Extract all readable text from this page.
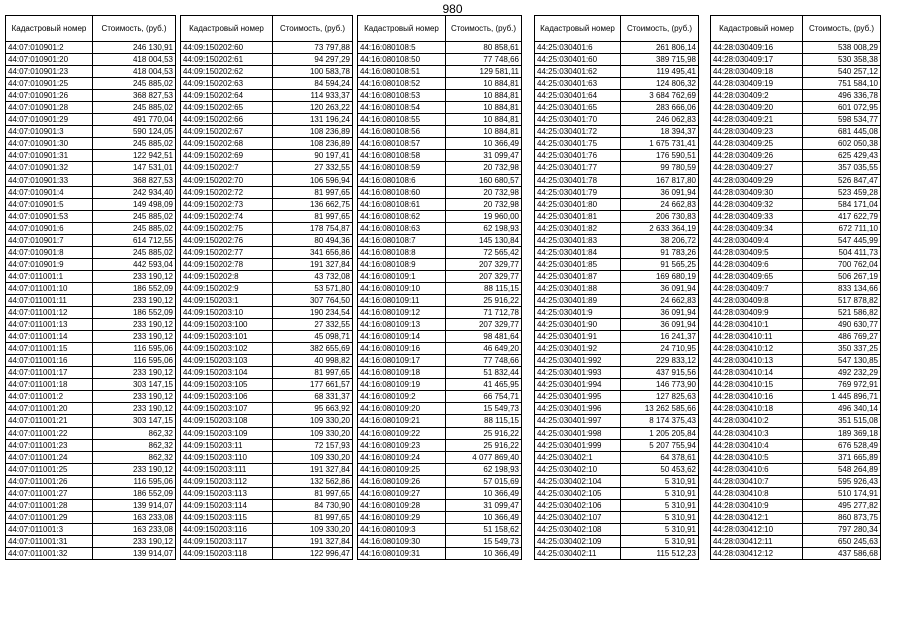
980
Кадастровый номер	Стоимость, (руб.)
44:07:010901:2	246 130,91
44:07:010901:20	418 004,53
44:07:010901:23	418 004,53
44:07:010901:25	245 885,02
44:07:010901:26	368 827,53
44:07:010901:28	245 885,02
44:07:010901:29	491 770,04
44:07:010901:3	590 124,05
44:07:010901:30	245 885,02
44:07:010901:31	122 942,51
44:07:010901:32	147 531,01
44:07:010901:33	368 827,53
44:07:010901:4	242 934,40
44:07:010901:5	149 498,09
44:07:010901:53	245 885,02
44:07:010901:6	245 885,02
44:07:010901:7	614 712,55
44:07:010901:8	245 885,02
44:07:010901:9	442 593,04
44:07:011001:1	233 190,12
44:07:011001:10	186 552,09
44:07:011001:11	233 190,12
44:07:011001:12	186 552,09
44:07:011001:13	233 190,12
44:07:011001:14	233 190,12
44:07:011001:15	116 595,06
44:07:011001:16	116 595,06
44:07:011001:17	233 190,12
44:07:011001:18	303 147,15
44:07:011001:2	233 190,12
44:07:011001:20	233 190,12
44:07:011001:21	303 147,15
44:07:011001:22	862,32
44:07:011001:23	862,32
44:07:011001:24	862,32
44:07:011001:25	233 190,12
44:07:011001:26	116 595,06
44:07:011001:27	186 552,09
44:07:011001:28	139 914,07
44:07:011001:29	163 233,08
44:07:011001:3	163 233,08
44:07:011001:31	233 190,12
44:07:011001:32	139 914,07
Кадастровый номер	Стоимость, (руб.)
44:09:150202:60	73 797,88
44:09:150202:61	94 297,29
44:09:150202:62	100 583,78
44:09:150202:63	84 594,24
44:09:150202:64	114 933,37
44:09:150202:65	120 263,22
44:09:150202:66	131 196,24
44:09:150202:67	108 236,89
44:09:150202:68	108 236,89
44:09:150202:69	90 197,41
44:09:150202:7	27 332,55
44:09:150202:70	106 596,94
44:09:150202:72	81 997,65
44:09:150202:73	136 662,75
44:09:150202:74	81 997,65
44:09:150202:75	178 754,87
44:09:150202:76	80 494,36
44:09:150202:77	341 656,86
44:09:150202:78	191 327,84
44:09:150202:8	43 732,08
44:09:150202:9	53 571,80
44:09:150203:1	307 764,50
44:09:150203:10	190 234,54
44:09:150203:100	27 332,55
44:09:150203:101	45 098,71
44:09:150203:102	382 655,69
44:09:150203:103	40 998,82
44:09:150203:104	81 997,65
44:09:150203:105	177 661,57
44:09:150203:106	68 331,37
44:09:150203:107	95 663,92
44:09:150203:108	109 330,20
44:09:150203:109	109 330,20
44:09:150203:11	72 157,93
44:09:150203:110	109 330,20
44:09:150203:111	191 327,84
44:09:150203:112	132 562,86
44:09:150203:113	81 997,65
44:09:150203:114	84 730,90
44:09:150203:115	81 997,65
44:09:150203:116	109 330,20
44:09:150203:117	191 327,84
44:09:150203:118	122 996,47
Кадастровый номер	Стоимость, (руб.)
44:16:080108:5	80 858,61
44:16:080108:50	77 748,66
44:16:080108:51	129 581,11
44:16:080108:52	10 884,81
44:16:080108:53	10 884,81
44:16:080108:54	10 884,81
44:16:080108:55	10 884,81
44:16:080108:56	10 884,81
44:16:080108:57	10 366,49
44:16:080108:58	31 099,47
44:16:080108:59	20 732,98
44:16:080108:6	160 680,57
44:16:080108:60	20 732,98
44:16:080108:61	20 732,98
44:16:080108:62	19 960,00
44:16:080108:63	62 198,93
44:16:080108:7	145 130,84
44:16:080108:8	72 565,42
44:16:080108:9	207 329,77
44:16:080109:1	207 329,77
44:16:080109:10	88 115,15
44:16:080109:11	25 916,22
44:16:080109:12	71 712,78
44:16:080109:13	207 329,77
44:16:080109:14	98 481,64
44:16:080109:16	46 649,20
44:16:080109:17	77 748,66
44:16:080109:18	51 832,44
44:16:080109:19	41 465,95
44:16:080109:2	66 754,71
44:16:080109:20	15 549,73
44:16:080109:21	88 115,15
44:16:080109:22	25 916,22
44:16:080109:23	25 916,22
44:16:080109:24	4 077 869,40
44:16:080109:25	62 198,93
44:16:080109:26	57 015,69
44:16:080109:27	10 366,49
44:16:080109:28	31 099,47
44:16:080109:29	10 366,49
44:16:080109:3	51 158,62
44:16:080109:30	15 549,73
44:16:080109:31	10 366,49
Кадастровый номер	Стоимость, (руб.)
44:25:030401:6	261 806,14
44:25:030401:60	389 715,98
44:25:030401:62	119 495,41
44:25:030401:63	124 806,32
44:25:030401:64	3 684 762,69
44:25:030401:65	283 666,06
44:25:030401:70	246 062,83
44:25:030401:72	18 394,37
44:25:030401:75	1 675 731,41
44:25:030401:76	176 590,51
44:25:030401:77	99 780,59
44:25:030401:78	167 817,80
44:25:030401:79	36 091,94
44:25:030401:80	24 662,83
44:25:030401:81	206 730,83
44:25:030401:82	2 633 364,19
44:25:030401:83	38 206,72
44:25:030401:84	91 783,26
44:25:030401:85	91 565,25
44:25:030401:87	169 680,19
44:25:030401:88	36 091,94
44:25:030401:89	24 662,83
44:25:030401:9	36 091,94
44:25:030401:90	36 091,94
44:25:030401:91	16 241,37
44:25:030401:92	24 710,95
44:25:030401:992	229 833,12
44:25:030401:993	437 915,56
44:25:030401:994	146 773,90
44:25:030401:995	127 825,63
44:25:030401:996	13 262 585,66
44:25:030401:997	8 174 375,43
44:25:030401:998	1 205 205,84
44:25:030401:999	5 207 755,94
44:25:030402:1	64 378,61
44:25:030402:10	50 453,62
44:25:030402:104	5 310,91
44:25:030402:105	5 310,91
44:25:030402:106	5 310,91
44:25:030402:107	5 310,91
44:25:030402:108	5 310,91
44:25:030402:109	5 310,91
44:25:030402:11	115 512,23
Кадастровый номер	Стоимость, (руб.)
44:28:030409:16	538 008,29
44:28:030409:17	530 358,38
44:28:030409:18	540 257,12
44:28:030409:19	751 584,10
44:28:030409:2	496 336,78
44:28:030409:20	601 072,95
44:28:030409:21	598 534,77
44:28:030409:23	681 445,08
44:28:030409:25	602 050,38
44:28:030409:26	625 429,43
44:28:030409:27	357 035,55
44:28:030409:29	526 847,47
44:28:030409:30	523 459,28
44:28:030409:32	584 171,04
44:28:030409:33	417 622,79
44:28:030409:34	672 711,10
44:28:030409:4	547 445,99
44:28:030409:5	504 411,73
44:28:030409:6	700 762,04
44:28:030409:65	506 267,19
44:28:030409:7	833 134,66
44:28:030409:8	517 878,82
44:28:030409:9	521 586,82
44:28:030410:1	490 630,77
44:28:030410:11	486 769,27
44:28:030410:12	350 337,25
44:28:030410:13	547 130,85
44:28:030410:14	492 232,29
44:28:030410:15	769 972,91
44:28:030410:16	1 445 896,71
44:28:030410:18	496 340,14
44:28:030410:2	351 515,08
44:28:030410:3	189 369,18
44:28:030410:4	676 528,49
44:28:030410:5	371 665,89
44:28:030410:6	548 264,89
44:28:030410:7	595 926,43
44:28:030410:8	510 174,91
44:28:030410:9	495 277,82
44:28:030412:1	860 873,75
44:28:030412:10	797 280,34
44:28:030412:11	650 245,63
44:28:030412:12	437 586,68
